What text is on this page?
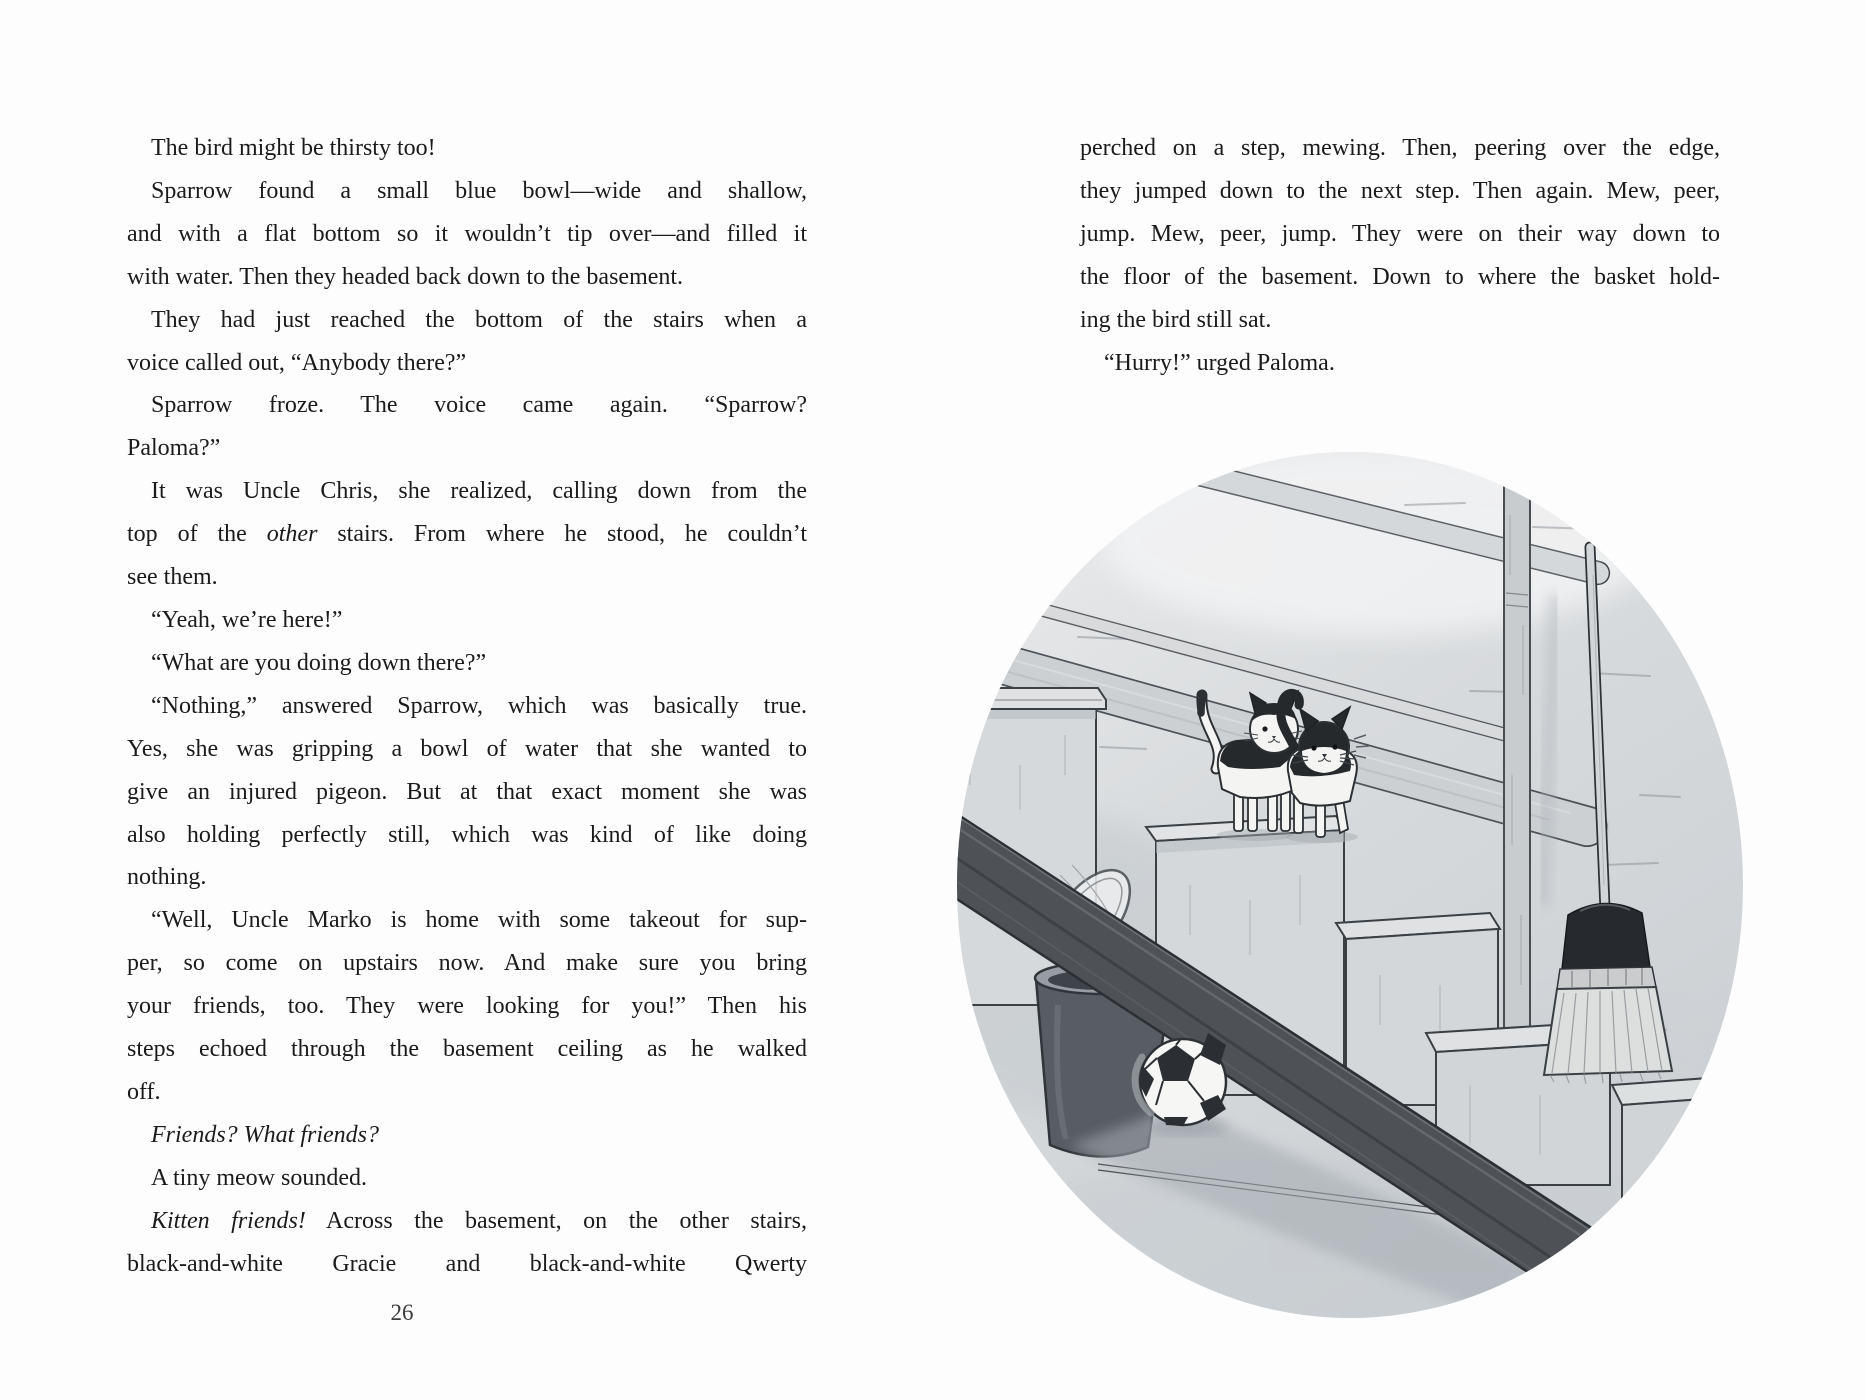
The bird might be thirsty too!
Sparrow found a small blue bowl—wide and shallow,
and with a flat bottom so it wouldn’t tip over—and filled it
with water. Then they headed back down to the basement.
They had just reached the bottom of the stairs when a
voice called out, “Anybody there?”
Sparrow froze. The voice came again. “Sparrow?
Paloma?”
It was Uncle Chris, she realized, calling down from the
top of the other stairs. From where he stood, he couldn’t
see them.
“Yeah, we’re here!”
“What are you doing down there?”
“Nothing,” answered Sparrow, which was basically true.
Yes, she was gripping a bowl of water that she wanted to
give an injured pigeon. But at that exact moment she was
also holding perfectly still, which was kind of like doing
nothing.
“Well, Uncle Marko is home with some takeout for sup-
per, so come on upstairs now. And make sure you bring
your friends, too. They were looking for you!” Then his
steps echoed through the basement ceiling as he walked
off.
Friends? What friends?
A tiny meow sounded.
Kitten friends! Across the basement, on the other stairs,
black-and-white Gracie and black-and-white Qwerty
26
perched on a step, mewing. Then, peering over the edge,
they jumped down to the next step. Then again. Mew, peer,
jump. Mew, peer, jump. They were on their way down to
the floor of the basement. Down to where the basket hold-
ing the bird still sat.
“Hurry!” urged Paloma.
